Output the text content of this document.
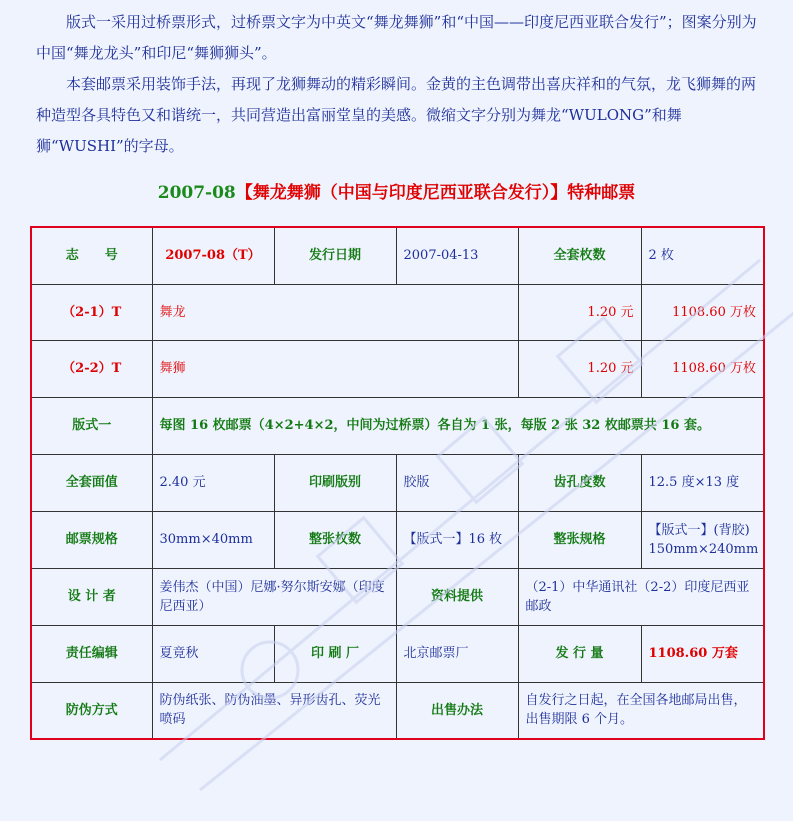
版式一采用过桥票形式，过桥票文字为中英文“舞龙舞狮”和“中国——印度尼西亚联合发行”；图案分别为中国“舞龙龙头”和印尼“舞狮狮头”。

本套邮票采用装饰手法，再现了龙狮舞动的精彩瞬间。金黄的主色调带出喜庆祥和的气氛，龙飞狮舞的两种造型各具特色又和谐统一，共同营造出富丽堂皇的美感。微缩文字分别为舞龙“WULONG”和舞狮“WUSHI”的字母。

2007-08【舞龙舞狮（中国与印度尼西亚联合发行）】特种邮票
志　　号	2007-08（T）	发行日期	2007-04-13	全套枚数	2 枚
（2-1）T	舞龙			1.20 元	1108.60 万枚
（2-2）T	舞狮			1.20 元	1108.60 万枚
版式一	每图 16 枚邮票（4×2+4×2，中间为过桥票）各自为 1 张，每版 2 张 32 枚邮票共 16 套。				
全套面值	2.40 元	印刷版别	胶版	齿孔度数	12.5 度×13 度
邮票规格	30mm×40mm	整张枚数	【版式一】16 枚	整张规格	【版式一】(背胶) 150mm×240mm
设 计 者	姜伟杰（中国）尼娜·努尔斯安娜（印度尼西亚）		资料提供	（2-1）中华通讯社（2-2）印度尼西亚邮政	
责任编辑	夏竟秋	印 刷 厂	北京邮票厂	发 行 量	1108.60 万套
防伪方式	防伪纸张、防伪油墨、异形齿孔、荧光喷码		出售办法	自发行之日起，在全国各地邮局出售，出售期限 6 个月。	
